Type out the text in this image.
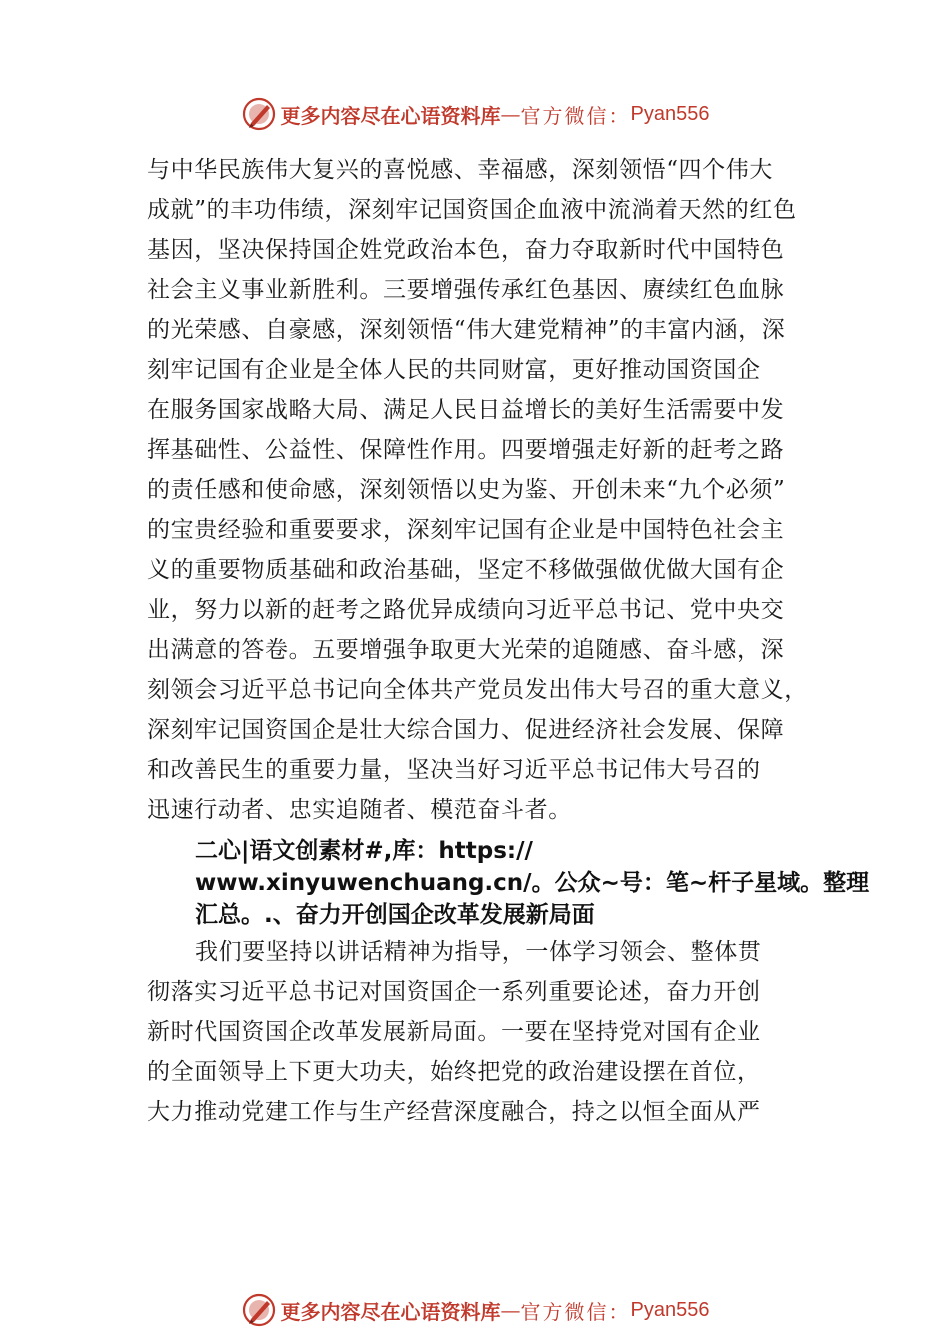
更多内容尽在心语资料库 — 官方微信： Pyan556
与中华民族伟大复兴的喜悦感、幸福感，深刻领悟“四个伟大
成就”的丰功伟绩，深刻牢记国资国企血液中流淌着天然的红色
基因，坚决保持国企姓党政治本色，奋力夺取新时代中国特色
社会主义事业新胜利。三要增强传承红色基因、赓续红色血脉
的光荣感、自豪感，深刻领悟“伟大建党精神”的丰富内涵，深
刻牢记国有企业是全体人民的共同财富，更好推动国资国企
在服务国家战略大局、满足人民日益增长的美好生活需要中发
挥基础性、公益性、保障性作用。四要增强走好新的赶考之路
的责任感和使命感，深刻领悟以史为鉴、开创未来“九个必须”
的宝贵经验和重要要求，深刻牢记国有企业是中国特色社会主
义的重要物质基础和政治基础，坚定不移做强做优做大国有企
业，努力以新的赶考之路优异成绩向习近平总书记、党中央交
出满意的答卷。五要增强争取更大光荣的追随感、奋斗感，深
刻领会习近平总书记向全体共产党员发出伟大号召的重大意义，
深刻牢记国资国企是壮大综合国力、促进经济社会发展、保障
和改善民生的重要力量，坚决当好习近平总书记伟大号召的
迅速行动者、忠实追随者、模范奋斗者。
二心|语文创素材#,库：https://
www.xinyuwenchuang.cn/。公众~号：笔~杆子星域。整理
汇总。.、奋力开创国企改革发展新局面
我们要坚持以讲话精神为指导，一体学习领会、整体贯
彻落实习近平总书记对国资国企一系列重要论述，奋力开创
新时代国资国企改革发展新局面。一要在坚持党对国有企业
的全面领导上下更大功夫，始终把党的政治建设摆在首位，
大力推动党建工作与生产经营深度融合，持之以恒全面从严
更多内容尽在心语资料库 — 官方微信： Pyan556
